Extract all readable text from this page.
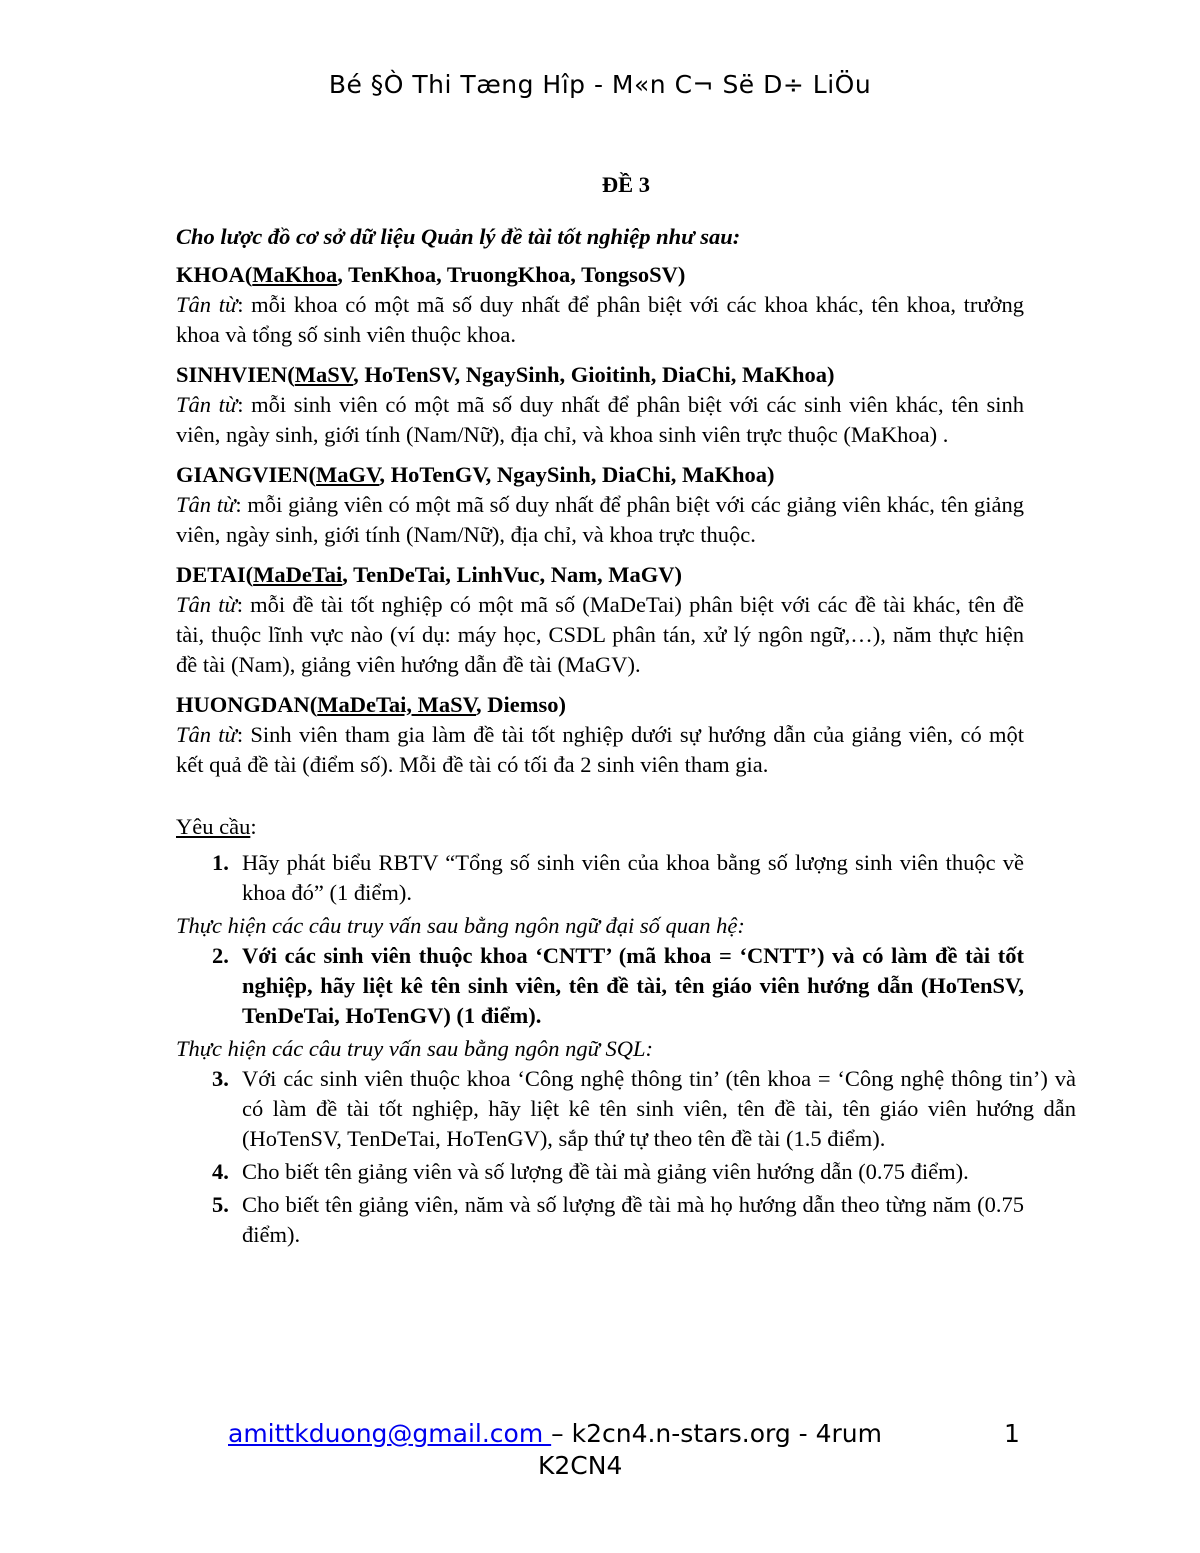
Bé §Ò Thi Tæng Hîp - M«n C¬ Së D÷ LiÖu

ĐỀ 3

Cho lược đồ cơ sở dữ liệu Quản lý đề tài tốt nghiệp như sau:

KHOA(MaKhoa, TenKhoa, TruongKhoa, TongsoSV)
Tân từ: mỗi khoa có một mã số duy nhất để phân biệt với các khoa khác, tên khoa, trưởng khoa và tổng số sinh viên thuộc khoa.
SINHVIEN(MaSV, HoTenSV, NgaySinh, Gioitinh, DiaChi, MaKhoa)
Tân từ: mỗi sinh viên có một mã số duy nhất để phân biệt với các sinh viên khác, tên sinh viên, ngày sinh, giới tính (Nam/Nữ), địa chỉ, và khoa sinh viên trực thuộc (MaKhoa) .
GIANGVIEN(MaGV, HoTenGV, NgaySinh, DiaChi, MaKhoa)
Tân từ: mỗi giảng viên có một mã số duy nhất để phân biệt với các giảng viên khác, tên giảng viên, ngày sinh, giới tính (Nam/Nữ), địa chỉ, và khoa trực thuộc.
DETAI(MaDeTai, TenDeTai, LinhVuc, Nam, MaGV)
Tân từ: mỗi đề tài tốt nghiệp có một mã số (MaDeTai) phân biệt với các đề tài khác, tên đề tài, thuộc lĩnh vực nào (ví dụ: máy học, CSDL phân tán, xử lý ngôn ngữ,…), năm thực hiện đề tài (Nam), giảng viên hướng dẫn đề tài (MaGV).
HUONGDAN(MaDeTai, MaSV, Diemso)
Tân từ: Sinh viên tham gia làm đề tài tốt nghiệp dưới sự hướng dẫn của giảng viên, có một kết quả đề tài (điểm số). Mỗi đề tài có tối đa 2 sinh viên tham gia.

Yêu cầu:

1. Hãy phát biểu RBTV “Tổng số sinh viên của khoa bằng số lượng sinh viên thuộc về khoa đó” (1 điểm).

Thực hiện các câu truy vấn sau bằng ngôn ngữ đại số quan hệ:

2. Với các sinh viên thuộc khoa ‘CNTT’ (mã khoa = ‘CNTT’) và có làm đề tài tốt nghiệp, hãy liệt kê tên sinh viên, tên đề tài, tên giáo viên hướng dẫn (HoTenSV, TenDeTai, HoTenGV) (1 điểm).

Thực hiện các câu truy vấn sau bằng ngôn ngữ SQL:

3. Với các sinh viên thuộc khoa ‘Công nghệ thông tin’ (tên khoa = ‘Công nghệ thông tin’) và có làm đề tài tốt nghiệp, hãy liệt kê tên sinh viên, tên đề tài, tên giáo viên hướng dẫn (HoTenSV, TenDeTai, HoTenGV), sắp thứ tự theo tên đề tài (1.5 điểm).
4. Cho biết tên giảng viên và số lượng đề tài mà giảng viên hướng dẫn (0.75 điểm).
5. Cho biết tên giảng viên, năm và số lượng đề tài mà họ hướng dẫn theo từng năm (0.75 điểm).
amittkduong@gmail.com – k2cn4.n-stars.org - 4rum
K2CN4
1
